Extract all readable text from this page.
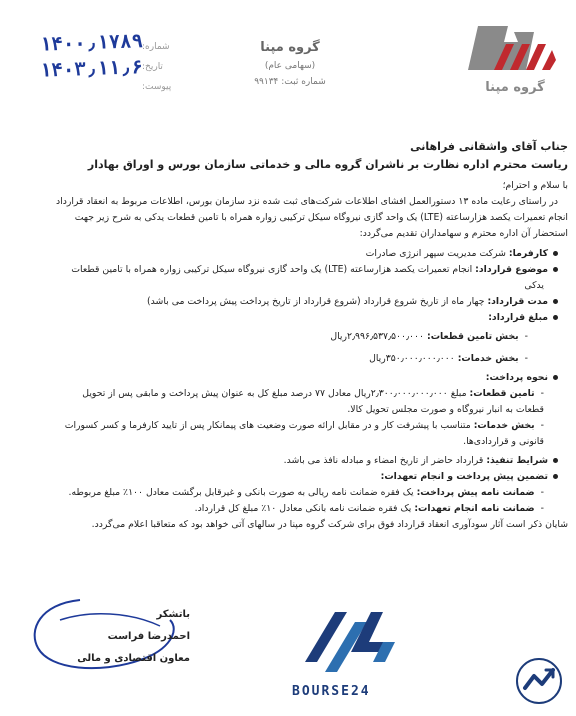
۱۴۰۰٫۱۷۸۹
۱۴۰۳٫۱۱٫۶
شماره:
تاریخ:
پیوست:
گروه مپنا
(سهامی عام)
شماره ثبت: ۹۹۱۳۴	گروه مپنا
جناب آقای واشقانی فراهانی
ریاست محترم اداره نظارت بر ناشران گروه مالی و خدماتی سازمان بورس و اوراق بهادار
با سلام و احترام؛
در راستای رعایت ماده ۱۳ دستورالعمل افشای اطلاعات شرکت‌های ثبت شده نزد سازمان بورس، اطلاعات مربوط به انعقاد قرارداد
انجام تعمیرات یکصد هزارساعته (LTE) یک واحد گازی نیروگاه سیکل ترکیبی زواره همراه با تامین قطعات یدکی به شرح زیر جهت
استحضار آن اداره محترم و سهامداران تقدیم می‌گردد:
کارفرما: شرکت مدیریت سپهر انرژی صادرات
موضوع قرارداد: انجام تعمیرات یکصد هزارساعته (LTE) یک واحد گازی نیروگاه سیکل ترکیبی زواره همراه با تامین قطعات
یدکی
مدت قرارداد: چهار ماه از تاریخ شروع قرارداد (شروع قرارداد از تاریخ پرداخت پیش پرداخت می باشد)
مبلغ قرارداد:
-بخش تامین قطعات: ۲٫۹۹۶٫۵۳۷٫۵۰۰٫۰۰۰ریال
-بخش خدمات: ۳۵۰٫۰۰۰٫۰۰۰٫۰۰۰ریال
نحوه پرداخت:
-تامین قطعات: مبلغ ۲٫۳۰۰٫۰۰۰٫۰۰۰٫۰۰۰ریال معادل ۷۷ درصد مبلغ کل به عنوان پیش پرداخت و مابقی پس از تحویل
قطعات به انبار نیروگاه و صورت مجلس تحویل کالا.
-بخش خدمات: متناسب با پیشرفت کار و در مقابل ارائه صورت وضعیت های پیمانکار پس از تایید کارفرما و کسر کسورات
قانونی و قراردادی‌ها.
شرایط تنفیذ: قرارداد حاضر از تاریخ امضاء و مبادله نافذ می باشد.
تضمین پیش پرداخت و انجام تعهدات:
-ضمانت نامه پیش پرداخت: یک فقره ضمانت نامه ریالی به صورت بانکی و غیرقابل برگشت معادل ۱۰۰٪ مبلغ مربوطه.
-ضمانت نامه انجام تعهدات: یک فقره ضمانت نامه بانکی معادل ۱۰٪ مبلغ کل قرارداد.
شایان ذکر است آثار سودآوری انعقاد قرارداد فوق برای شرکت گروه مپنا در سالهای آتی خواهد بود که متعاقبا اعلام می‌گردد.
باتشکر
احمدرضا فراست
معاون اقتصادی و مالی
BOURSE24
